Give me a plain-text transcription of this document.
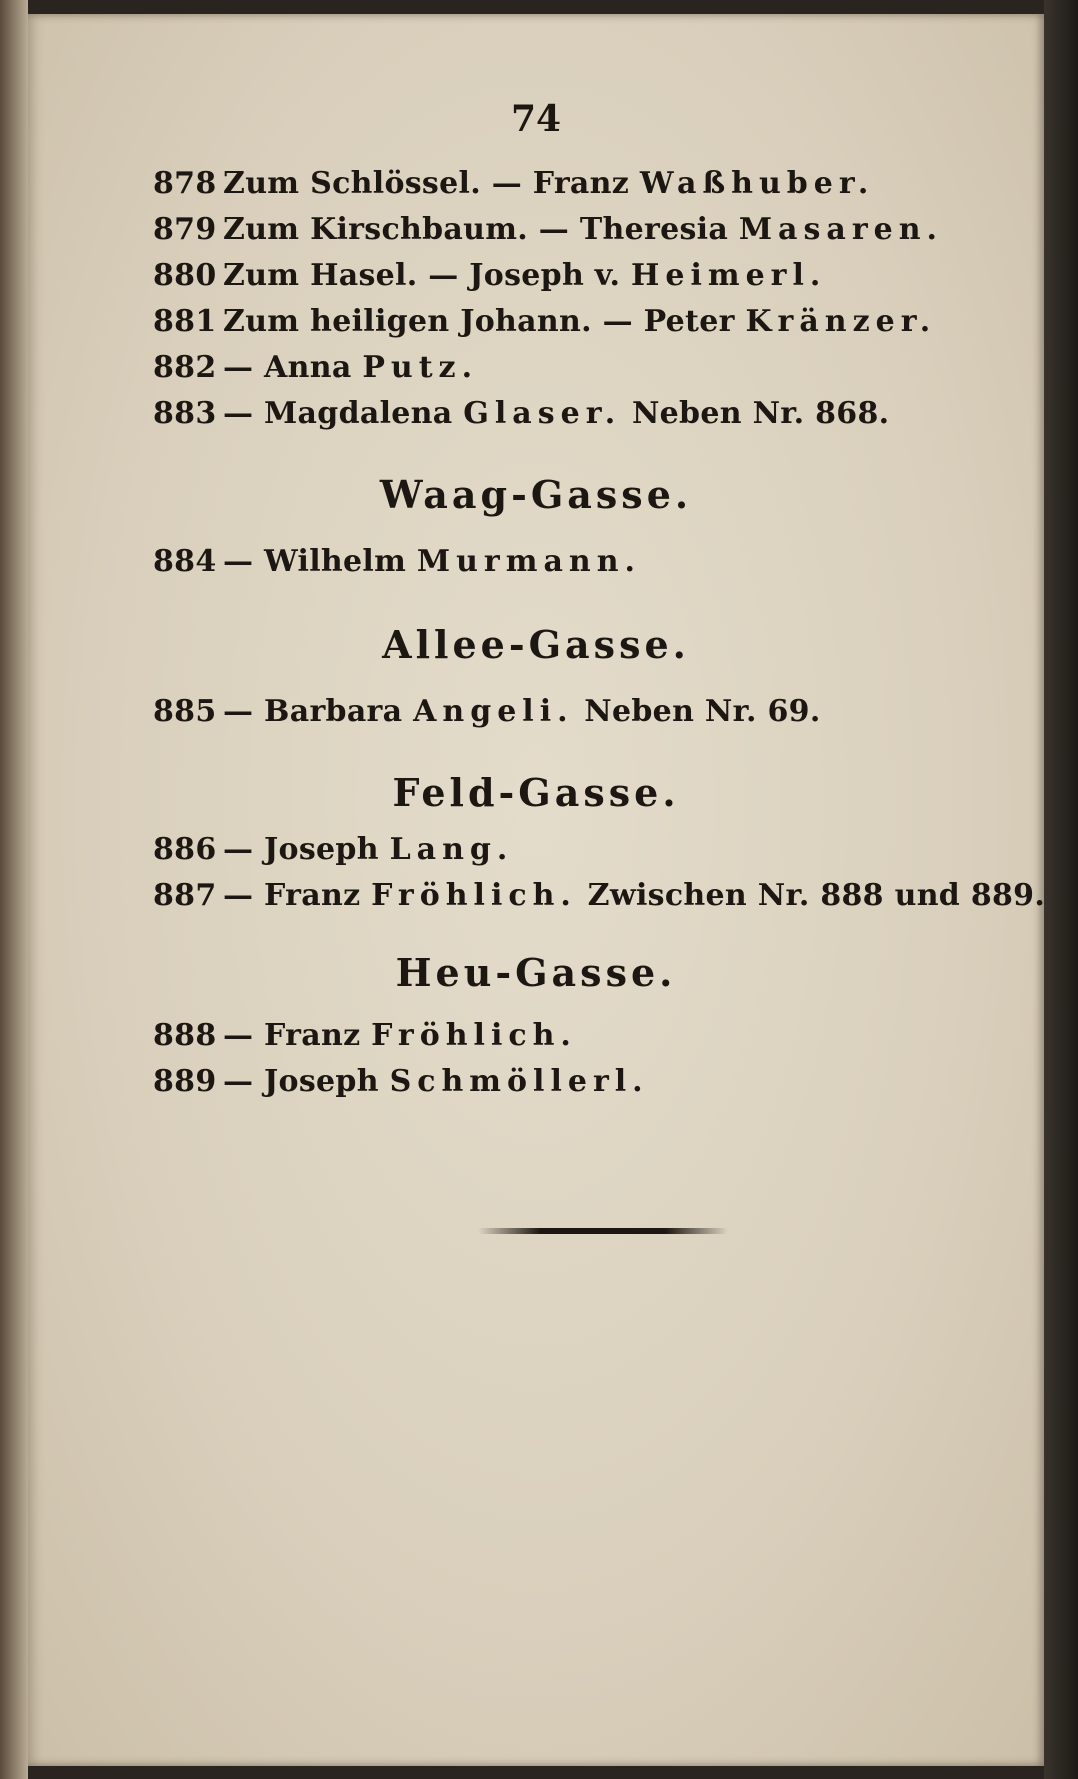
74
878 Zum Schlössel. — Franz Waßhuber.
879 Zum Kirschbaum. — Theresia Masaren.
880 Zum Hasel. — Joseph v. Heimerl.
881 Zum heiligen Johann. — Peter Kränzer.
882 — Anna Putz.
883 — Magdalena Glaser. Neben Nr. 868.
Waag-Gasse.
884 — Wilhelm Murmann.
Allee-Gasse.
885 — Barbara Angeli. Neben Nr. 69.
Feld-Gasse.
886 — Joseph Lang.
887 — Franz Fröhlich. Zwischen Nr. 888 und 889.
Heu-Gasse.
888 — Franz Fröhlich.
889 — Joseph Schmöllerl.
